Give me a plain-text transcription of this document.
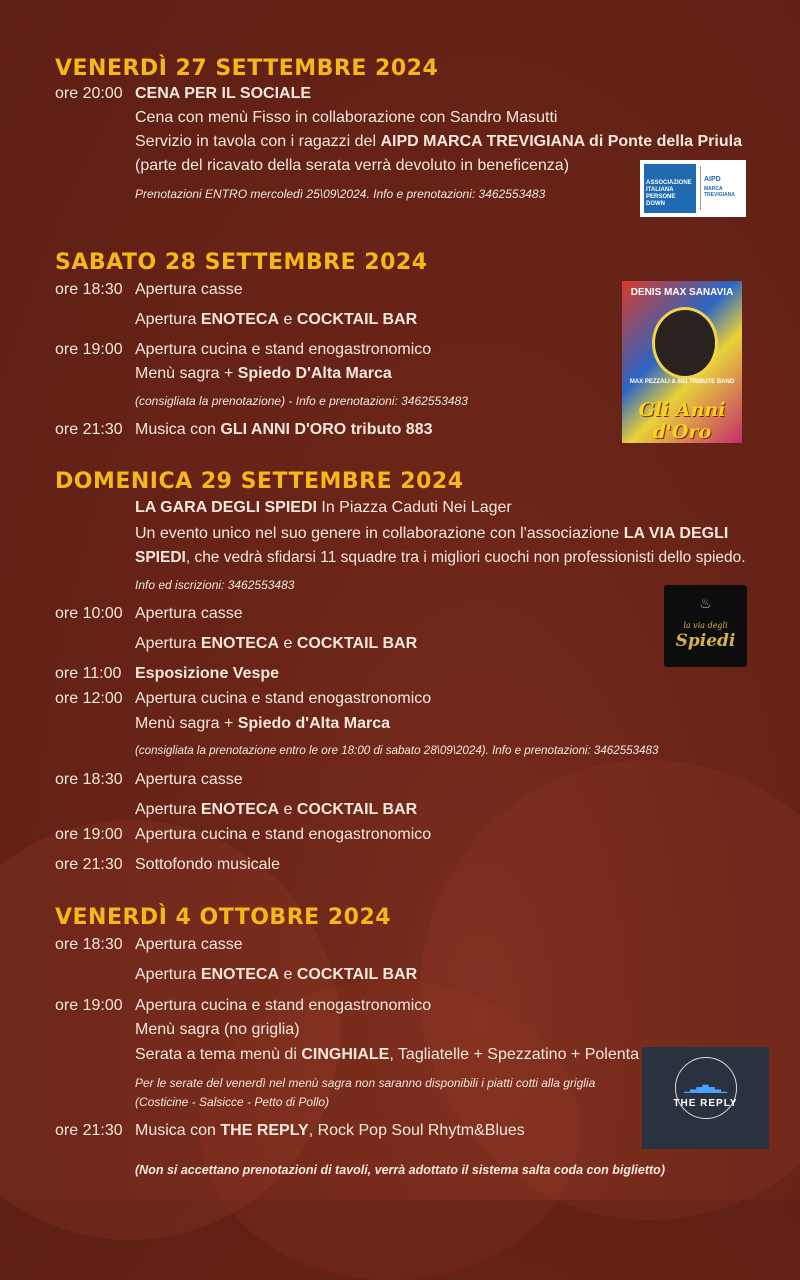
VENERDÌ 27 SETTEMBRE 2024
ore 20:00 CENA PER IL SOCIALE
Cena con menù Fisso in collaborazione con Sandro Masutti
Servizio in tavola con i ragazzi del AIPD MARCA TREVIGIANA di Ponte della Priula
(parte del ricavato della serata verrà devoluto in beneficenza)
Prenotazioni ENTRO mercoledì 25\09\2024. Info e prenotazioni: 3462553483
ASSOCIAZIONE ITALIANA PERSONE DOWN
AIPD
MARCA TREVIGIANA
SABATO 28 SETTEMBRE 2024
ore 18:30 Apertura casse
Apertura ENOTECA e COCKTAIL BAR
ore 19:00 Apertura cucina e stand enogastronomico
Menù sagra + Spiedo D'Alta Marca
(consigliata la prenotazione) - Info e prenotazioni: 3462553483
ore 21:30 Musica con GLI ANNI D'ORO tributo 883
DENIS MAX SANAVIA
MAX PEZZALI & 883 TRIBUTE BAND
Gli Anni d'Oro
DOMENICA 29 SETTEMBRE 2024
LA GARA DEGLI SPIEDI In Piazza Caduti Nei Lager
Un evento unico nel suo genere in collaborazione con l'associazione LA VIA DEGLI
SPIEDI, che vedrà sfidarsi 11 squadre tra i migliori cuochi non professionisti dello spiedo.
Info ed iscrizioni: 3462553483
ore 10:00 Apertura casse
Apertura ENOTECA e COCKTAIL BAR
ore 11:00 Esposizione Vespe
ore 12:00 Apertura cucina e stand enogastronomico
Menù sagra + Spiedo d'Alta Marca
(consigliata la prenotazione entro le ore 18:00 di sabato 28\09\2024). Info e prenotazioni: 3462553483
ore 18:30 Apertura casse
Apertura ENOTECA e COCKTAIL BAR
ore 19:00 Apertura cucina e stand enogastronomico
ore 21:30 Sottofondo musicale
♨
la via degli
Spiedi
VENERDÌ 4 OTTOBRE 2024
ore 18:30 Apertura casse
Apertura ENOTECA e COCKTAIL BAR
ore 19:00 Apertura cucina e stand enogastronomico
Menù sagra (no griglia)
Serata a tema menù di CINGHIALE, Tagliatelle + Spezzatino + Polenta
Per le serate del venerdì nel menù sagra non saranno disponibili i piatti cotti alla griglia
(Costicine - Salsicce - Petto di Pollo)
ore 21:30 Musica con THE REPLY, Rock Pop Soul Rhytm&Blues
▁▃▅▇▅▃▁
THE REPLY
(Non si accettano prenotazioni di tavoli, verrà adottato il sistema salta coda con biglietto)
